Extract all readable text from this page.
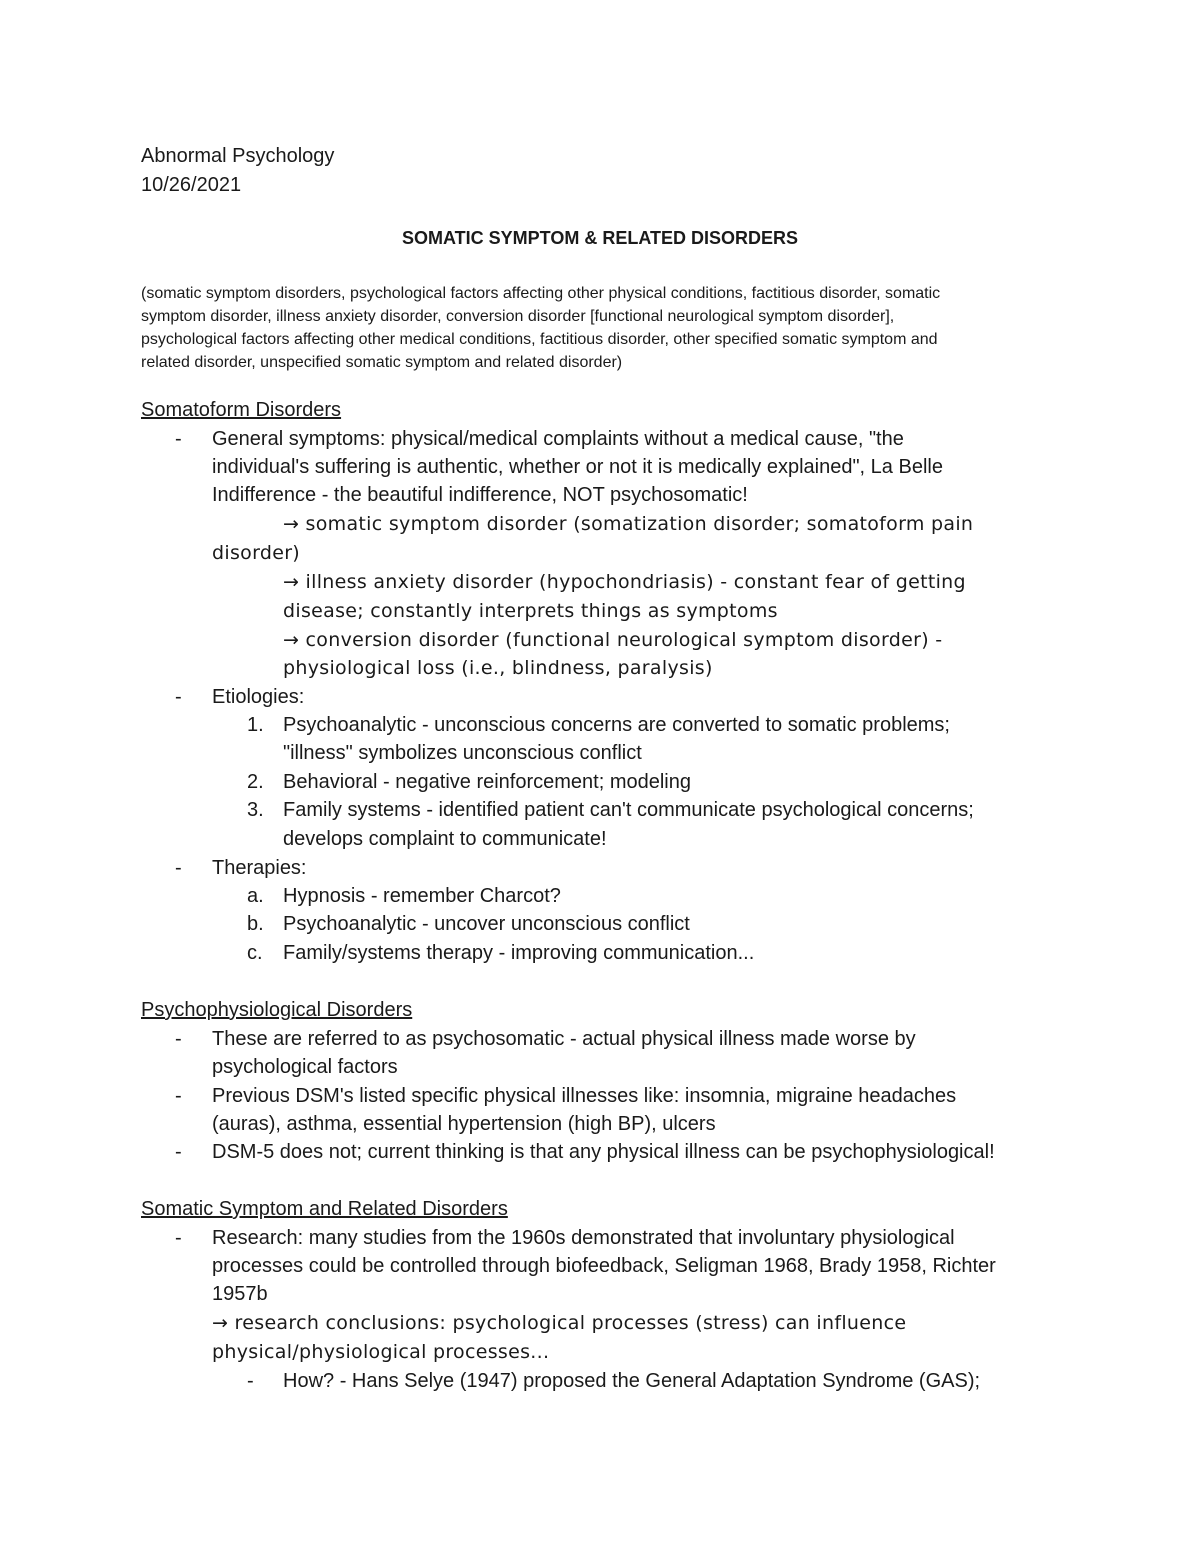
Abnormal Psychology
10/26/2021
SOMATIC SYMPTOM & RELATED DISORDERS
(somatic symptom disorders, psychological factors affecting other physical conditions, factitious disorder, somatic
symptom disorder, illness anxiety disorder, conversion disorder [functional neurological symptom disorder],
psychological factors affecting other medical conditions, factitious disorder, other specified somatic symptom and
related disorder, unspecified somatic symptom and related disorder)
Somatoform Disorders
- General symptoms: physical/medical complaints without a medical cause, "the
individual's suffering is authentic, whether or not it is medically explained", La Belle
Indifference - the beautiful indifference, NOT psychosomatic!
→ somatic symptom disorder (somatization disorder; somatoform pain
disorder)
→ illness anxiety disorder (hypochondriasis) - constant fear of getting
disease; constantly interprets things as symptoms
→ conversion disorder (functional neurological symptom disorder) -
physiological loss (i.e., blindness, paralysis)
- Etiologies:
1. Psychoanalytic - unconscious concerns are converted to somatic problems;
"illness" symbolizes unconscious conflict
2. Behavioral - negative reinforcement; modeling
3. Family systems - identified patient can't communicate psychological concerns;
develops complaint to communicate!
- Therapies:
a. Hypnosis - remember Charcot?
b. Psychoanalytic - uncover unconscious conflict
c. Family/systems therapy - improving communication...
Psychophysiological Disorders
- These are referred to as psychosomatic - actual physical illness made worse by
psychological factors
- Previous DSM's listed specific physical illnesses like: insomnia, migraine headaches
(auras), asthma, essential hypertension (high BP), ulcers
- DSM-5 does not; current thinking is that any physical illness can be psychophysiological!
Somatic Symptom and Related Disorders
- Research: many studies from the 1960s demonstrated that involuntary physiological
processes could be controlled through biofeedback, Seligman 1968, Brady 1958, Richter
1957b
→ research conclusions: psychological processes (stress) can influence
physical/physiological processes...
- How? - Hans Selye (1947) proposed the General Adaptation Syndrome (GAS);
